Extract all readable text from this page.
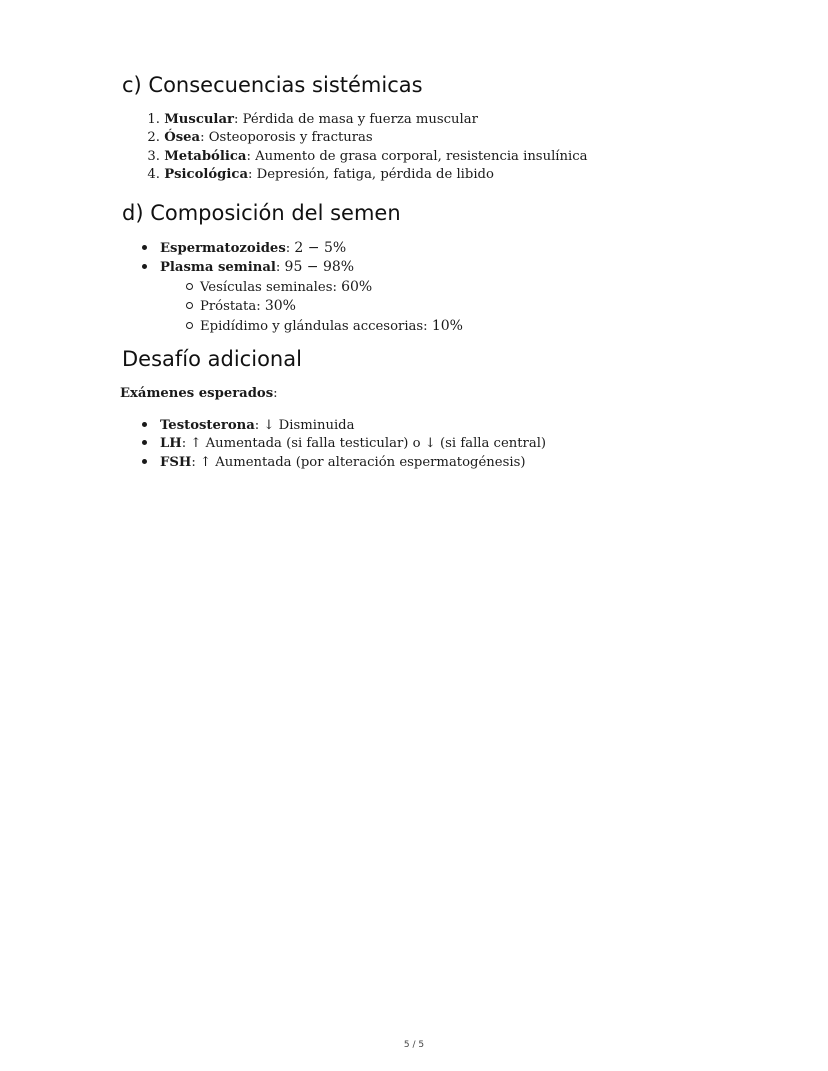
c) Consecuencias sistémicas
1. Muscular: Pérdida de masa y fuerza muscular
2. Ósea: Osteoporosis y fracturas
3. Metabólica: Aumento de grasa corporal, resistencia insulínica
4. Psicológica: Depresión, fatiga, pérdida de libido
d) Composición del semen
Espermatozoides: 2 − 5%
Plasma seminal: 95 − 98%
Vesículas seminales: 60%
Próstata: 30%
Epidídimo y glándulas accesorias: 10%
Desafío adicional
Exámenes esperados:
Testosterona: ↓ Disminuida
LH: ↑ Aumentada (si falla testicular) o ↓ (si falla central)
FSH: ↑ Aumentada (por alteración espermatogénesis)
5 / 5
